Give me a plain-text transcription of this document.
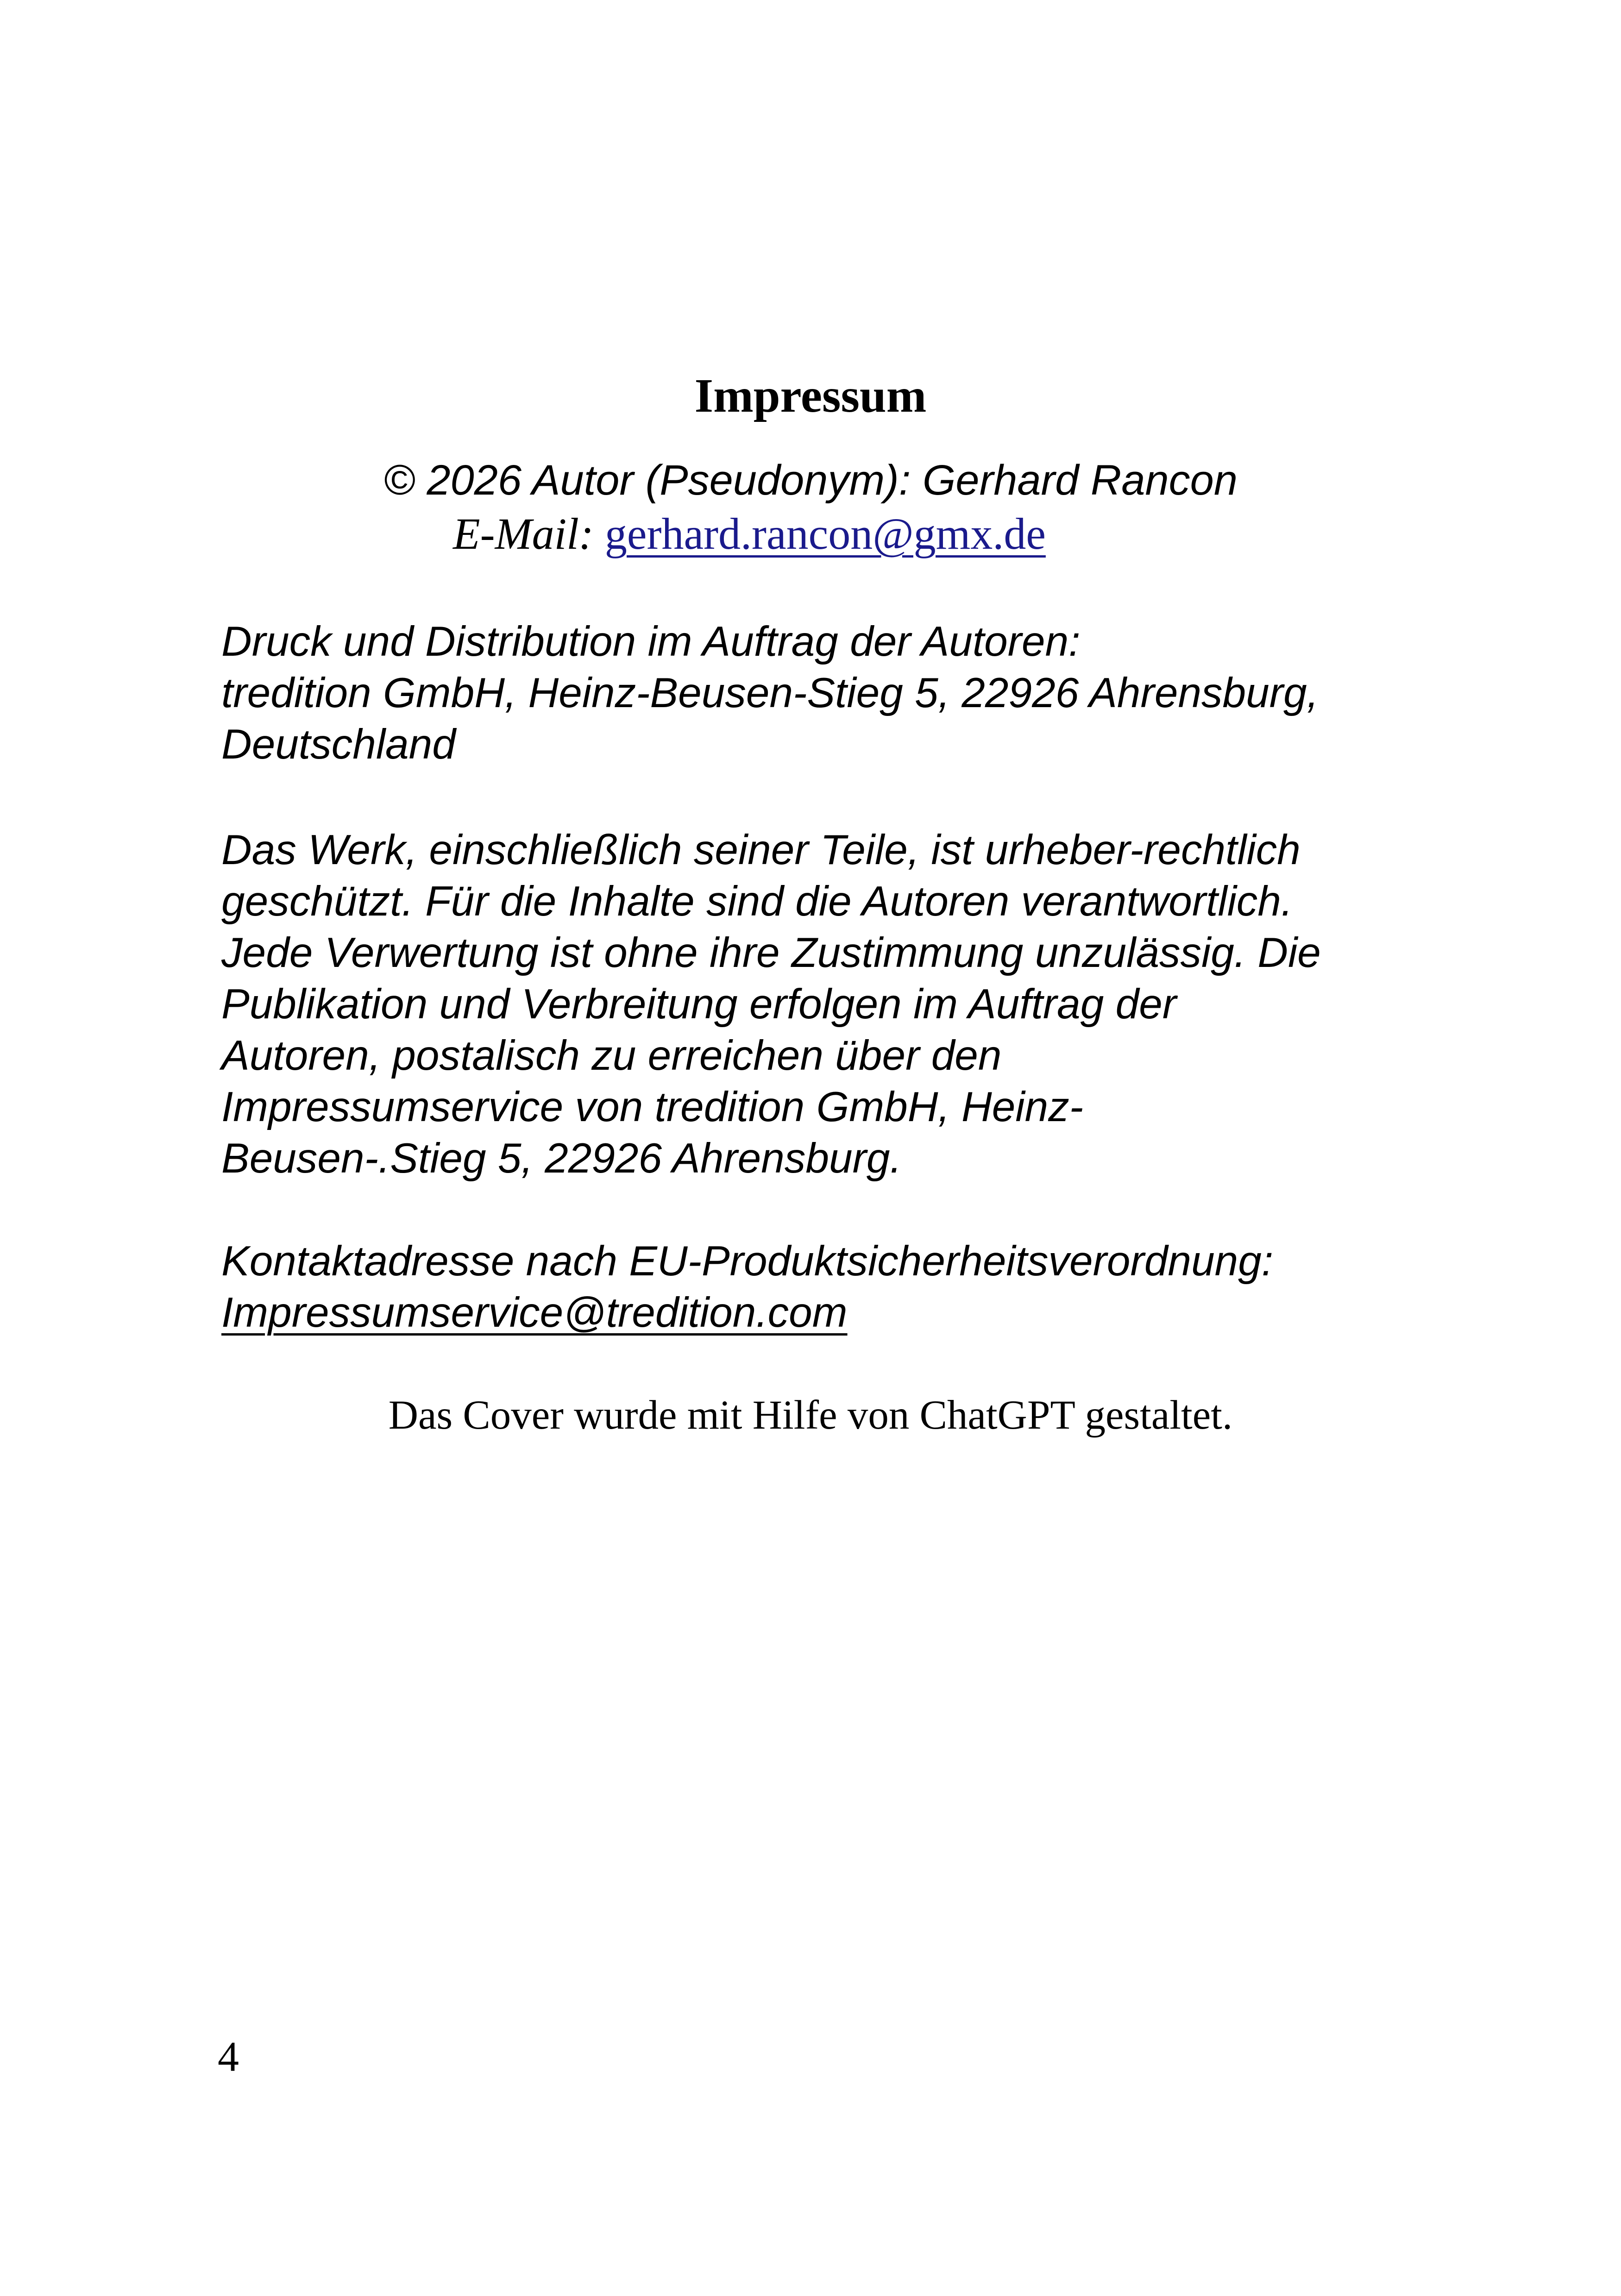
Impressum
© 2026 Autor (Pseudonym): Gerhard Rancon
E-Mail: gerhard.rancon@gmx.de
Druck und Distribution im Auftrag der Autoren:
tredition GmbH, Heinz-Beusen-Stieg 5, 22926 Ahrensburg,
Deutschland
Das Werk, einschließlich seiner Teile, ist urheber-rechtlich
geschützt. Für die Inhalte sind die Autoren verantwortlich.
Jede Verwertung ist ohne ihre Zustimmung unzulässig. Die
Publikation und Verbreitung erfolgen im Auftrag der
Autoren, postalisch zu erreichen über den
Impressumservice von tredition GmbH, Heinz-
Beusen-.Stieg 5, 22926 Ahrensburg.
Kontaktadresse nach EU-Produktsicherheitsverordnung:
Impressumservice@tredition.com
Das Cover wurde mit Hilfe von ChatGPT gestaltet.
4
